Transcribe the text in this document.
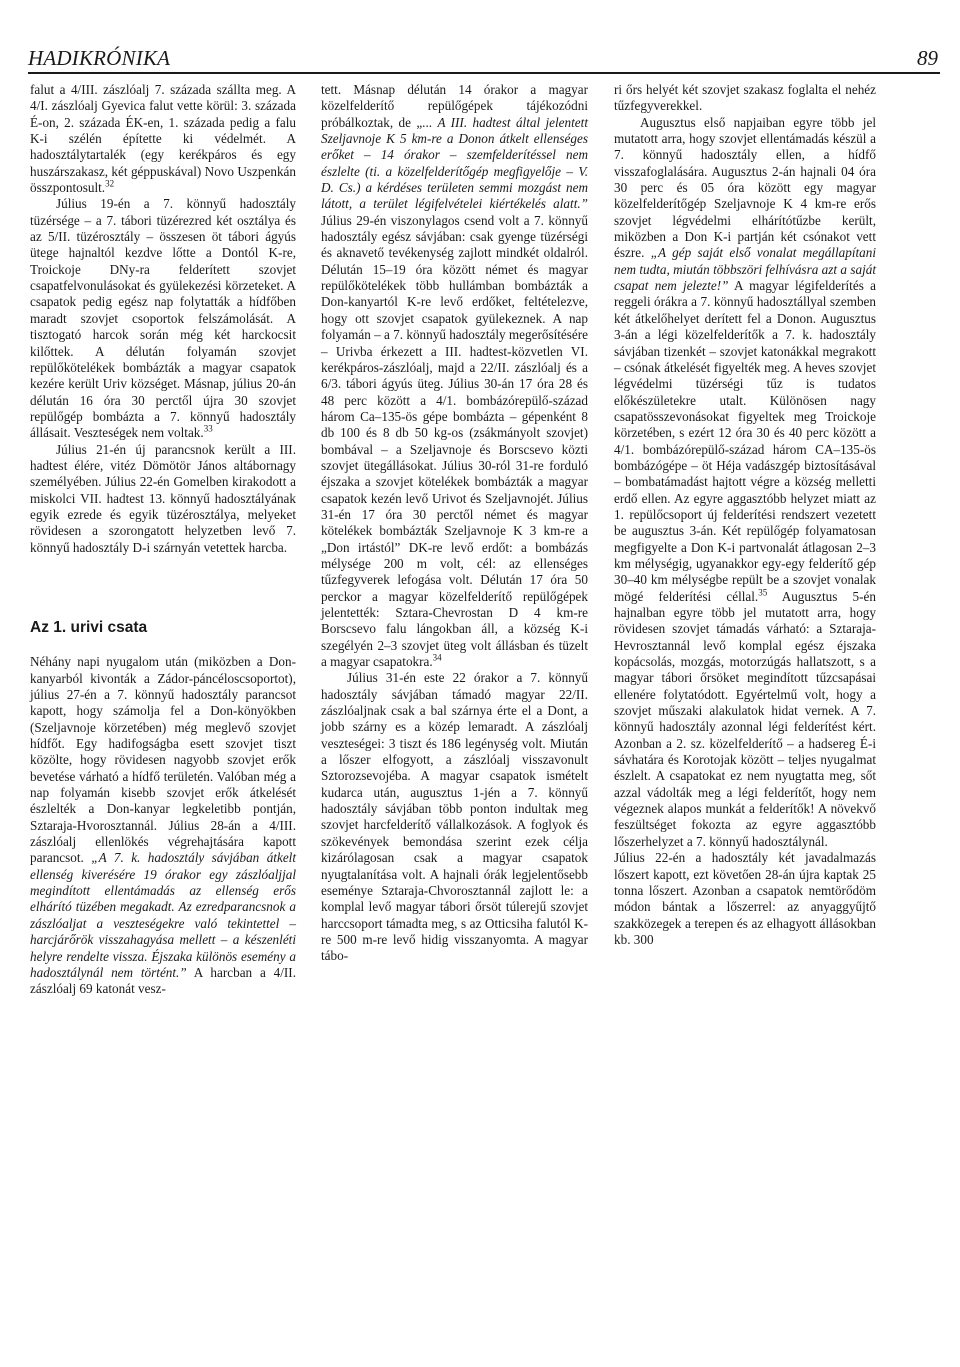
HADIKRÓNIKA	89

falut a 4/III. zászlóalj 7. százada szállta meg. A 4/I. zászlóalj Gyevica falut vette körül: 3. százada É-on, 2. százada ÉK-en, 1. százada pedig a falu K-i szélén építette ki védelmét. A hadosztálytartalék (egy kerékpáros és egy huszárszakasz, két géppuskával) Novo Uszpenkán összpontosult.$^{32}$

Július 19-én a 7. könnyű hadosztály tüzérsége – a 7. tábori tüzérezred két osztálya és az 5/II. tüzérosztály – összesen öt tábori ágyús ütege hajnaltól kezdve lőtte a Dontól K-re, Troickoje DNy-ra felderített szovjet csapatfelvonulásokat és gyülekezési körzeteket. A csapatok pedig egész nap folytatták a hídfőben maradt szovjet csoportok felszámolását. A tisztogató harcok során még két harckocsit kilőttek. A délután folyamán szovjet repülőkötelékek bombázták a magyar csapatok kezére került Uriv községet. Másnap, július 20-án délután 16 óra 30 perctől újra 30 szovjet repülőgép bombázta a 7. könnyű hadosztály állásait. Veszteségek nem voltak.$^{33}$

Július 21-én új parancsnok került a III. hadtest élére, vitéz Dömötör János altábornagy személyében. Július 22-én Gomelben kirakodott a miskolci VII. hadtest 13. könnyű hadosztályának egyik ezrede és egyik tüzérosztálya, melyeket rövidesen a szorongatott helyzetben levő 7. könnyű hadosztály D-i szárnyán vetettek harcba.

Az 1. urivi csata

Néhány napi nyugalom után (miközben a Don-kanyarból kivonták a Zádor-páncéloscsoportot), július 27-én a 7. könnyű hadosztály parancsot kapott, hogy számolja fel a Don-könyökben (Szeljavnoje körzetében) még meglevő szovjet hídfőt. Egy hadifogságba esett szovjet tiszt közölte, hogy rövidesen nagyobb szovjet erők bevetése várható a hídfő területén. Valóban még a nap folyamán kisebb szovjet erők átkelését észlelték a Don-kanyar legkeletibb pontján, Sztaraja-Hvorosztannál. Július 28-án a 4/III. zászlóalj ellenlökés végrehajtására kapott parancsot. „A 7. k. hadosztály sávjában átkelt ellenség kiverésére 19 órakor egy zászlóaljjal megindított ellentámadás az ellenség erős elhárító tüzében megakadt. Az ezredparancsnok a zászlóaljat a veszteségekre való tekintettel – harcjárőrök visszahagyása mellett – a készenléti helyre rendelte vissza. Éjszaka különös esemény a hadosztálynál nem történt.” A harcban a 4/II. zászlóalj 69 katonát vesz-

tett. Másnap délután 14 órakor a magyar közelfelderítő repülőgépek tájékozódni próbálkoztak, de „... A III. hadtest által jelentett Szeljavnoje K 5 km-re a Donon átkelt ellenséges erőket – 14 órakor – szemfelderítéssel nem észlelte (ti. a közelfelderítőgép megfigyelője – V. D. Cs.) a kérdéses területen semmi mozgást nem látott, a terület légifelvételei kiértékelés alatt.” Július 29-én viszonylagos csend volt a 7. könnyű hadosztály egész sávjában: csak gyenge tüzérségi és aknavető tevékenység zajlott mindkét oldalról. Délután 15–19 óra között német és magyar repülőkötelékek több hullámban bombázták a Don-kanyartól K-re levő erdőket, feltételezve, hogy ott szovjet csapatok gyülekeznek. A nap folyamán – a 7. könnyű hadosztály megerősítésére – Urivba érkezett a III. hadtest-közvetlen VI. kerékpáros-zászlóalj, majd a 22/II. zászlóalj és a 6/3. tábori ágyús üteg. Július 30-án 17 óra 28 és 48 perc között a 4/1. bombázórepülő-század három Ca–135-ös gépe bombázta – gépenként 8 db 100 és 8 db 50 kg-os (zsákmányolt szovjet) bombával – a Szeljavnoje és Borscsevo közti szovjet ütegállásokat. Július 30-ról 31-re forduló éjszaka a szovjet kötelékek bombázták a magyar csapatok kezén levő Urivot és Szeljavnojét. Július 31-én 17 óra 30 perctől német és magyar kötelékek bombázták Szeljavnoje K 3 km-re a „Don irtástól” DK-re levő erdőt: a bombázás mélysége 200 m volt, cél: az ellenséges tűzfegyverek lefogása volt. Délután 17 óra 50 perckor a magyar közelfelderítő repülőgépek jelentették: Sztara-Chevrostan D 4 km-re Borscsevo falu lángokban áll, a község K-i szegélyén 2–3 szovjet üteg volt állásban és tüzelt a magyar csapatokra.$^{34}$

Július 31-én este 22 órakor a 7. könnyű hadosztály sávjában támadó magyar 22/II. zászlóaljnak csak a bal szárnya érte el a Dont, a jobb szárny es a közép lemaradt. A zászlóalj veszteségei: 3 tiszt és 186 legénység volt. Miután a lőszer elfogyott, a zászlóalj visszavonult Sztorozsevojéba. A magyar csapatok ismételt kudarca után, augusztus 1-jén a 7. könnyű hadosztály sávjában több ponton indultak meg szovjet harcfelderítő vállalkozások. A foglyok és szökevények bemondása szerint ezek célja kizárólagosan csak a magyar csapatok nyugtalanítása volt. A hajnali órák legjelentősebb eseménye Sztaraja-Chvorosztannál zajlott le: a komplal levő magyar tábori őrsöt túlerejű szovjet harccsoport támadta meg, s az Otticsiha falutól K-re 500 m-re levő hidig visszanyomta. A magyar tábo-

ri őrs helyét két szovjet szakasz foglalta el nehéz tűzfegyverekkel.

Augusztus első napjaiban egyre több jel mutatott arra, hogy szovjet ellentámadás készül a 7. könnyű hadosztály ellen, a hídfő visszafoglalására. Augusztus 2-án hajnali 04 óra 30 perc és 05 óra között egy magyar közelfelderítőgép Szeljavnoje K 4 km-re erős szovjet légvédelmi elhárítótűzbe került, miközben a Don K-i partján két csónakot vett észre. „A gép saját első vonalat megállapítani nem tudta, miután többszöri felhívásra azt a saját csapat nem jelezte!” A magyar légifelderítés a reggeli órákra a 7. könnyű hadosztállyal szemben két átkelőhelyet derített fel a Donon. Augusztus 3-án a légi közelfelderítők a 7. k. hadosztály sávjában tizenkét – szovjet katonákkal megrakott – csónak átkelését figyelték meg. A heves szovjet légvédelmi tüzérségi tűz is tudatos előkészületekre utalt. Különösen nagy csapatösszevonásokat figyeltek meg Troickoje körzetében, s ezért 12 óra 30 és 40 perc között a 4/1. bombázórepülő-század három CA–135-ös bombázógépe – öt Héja vadászgép biztosításával – bombatámadást hajtott végre a község melletti erdő ellen. Az egyre aggasztóbb helyzet miatt az 1. repülőcsoport új felderítési rendszert vezetett be augusztus 3-án. Két repülőgép folyamatosan megfigyelte a Don K-i partvonalát átlagosan 2–3 km mélységig, ugyanakkor egy-egy felderítő gép 30–40 km mélységbe repült be a szovjet vonalak mögé felderítési céllal.$^{35}$ Augusztus 5-én hajnalban egyre több jel mutatott arra, hogy rövidesen szovjet támadás várható: a Sztaraja-Hevrosztannál levő komplal egész éjszaka kopácsolás, mozgás, motorzúgás hallatszott, s a magyar tábori őrsöket megindított tűzcsapásai ellenére folytatódott. Egyértelmű volt, hogy a szovjet műszaki alakulatok hidat vernek. A 7. könnyű hadosztály azonnal légi felderítést kért. Azonban a 2. sz. közelfelderítő – a hadsereg É-i sávhatára és Korotojak között – teljes nyugalmat észlelt. A csapatokat ez nem nyugtatta meg, sőt azzal vádolták meg a légi felderítőt, hogy nem végeznek alapos munkát a felderítők! A növekvő feszültséget fokozta az egyre aggasztóbb lőszerhelyzet a 7. könnyű hadosztálynál.

Július 22-én a hadosztály két javadalmazás lőszert kapott, ezt követően 28-án újra kaptak 25 tonna lőszert. Azonban a csapatok nemtörődöm módon bántak a lőszerrel: az anyaggyűjtő szakközegek a terepen és az elhagyott állásokban kb. 300
